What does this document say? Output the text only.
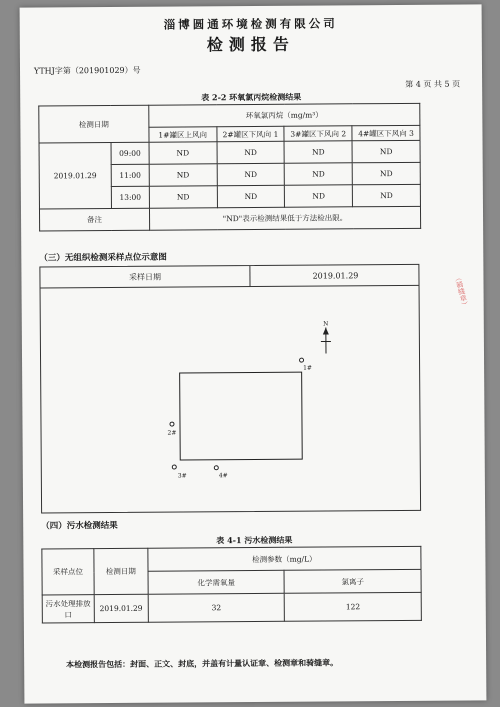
淄博圆通环境检测有限公司
检测报告
YTHJ字第（201901029）号
第 4 页 共 5 页
表 2-2 环氧氯丙烷检测结果
检测日期		环氧氯丙烷（mg/m³）			
		1#罐区上风向	2#罐区下风向 1	3#罐区下风向 2	4#罐区下风向 3
2019.01.29	09:00	ND	ND	ND	ND
	11:00	ND	ND	ND	ND
	13:00	ND	ND	ND	ND
备注		"ND"表示检测结果低于方法检出限。			
（三）无组织检测采样点位示意图
采样日期	2019.01.29
N
1#
2#
3#	4#
（四）污水检测结果
表 4-1 污水检测结果
采样点位	检测日期	检测参数（mg/L）	
		化学需氧量	氯离子
污水处理排放口	2019.01.29	32	122
本检测报告包括：封面、正文、封底，并盖有计量认证章、检测章和骑缝章。
（骑缝章）
